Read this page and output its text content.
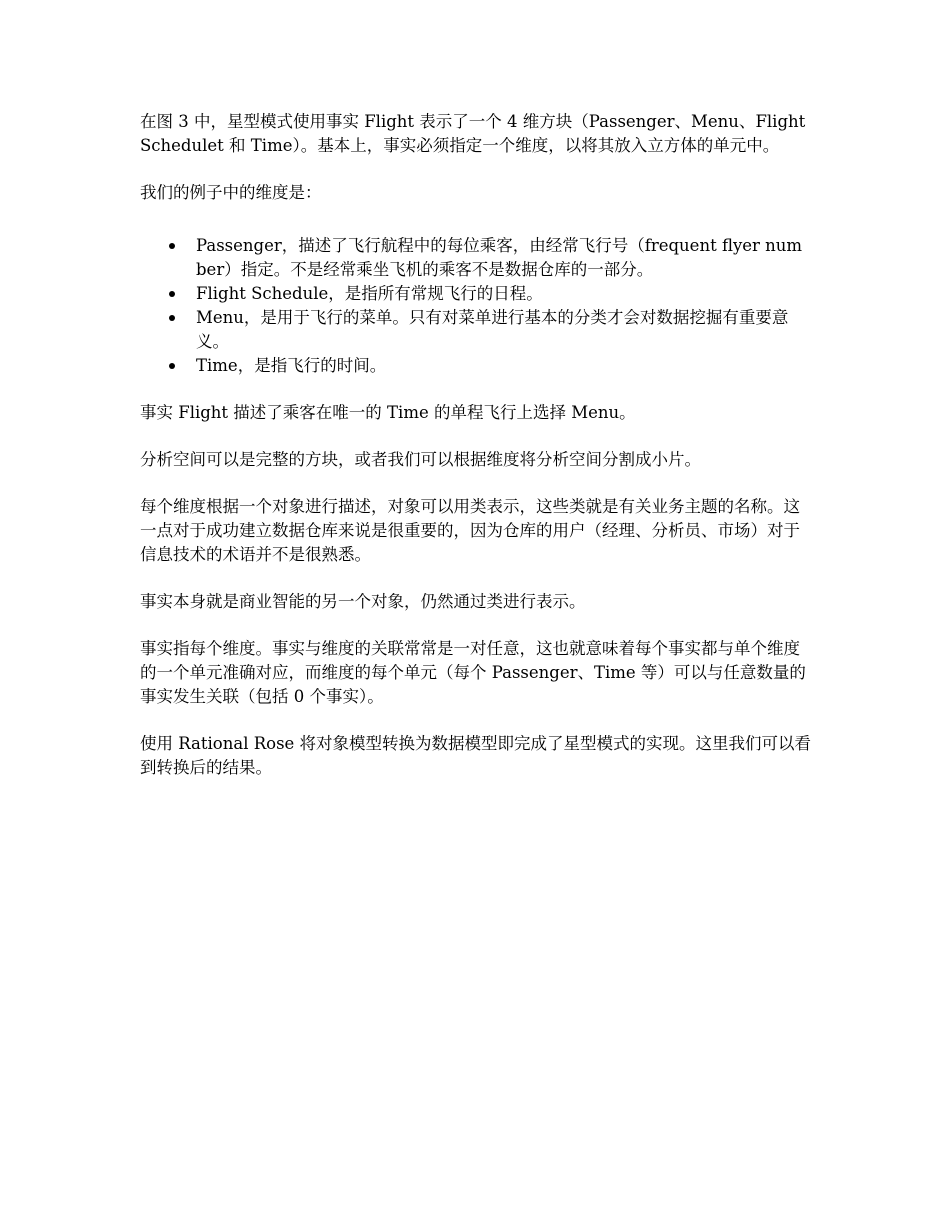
在图 3 中，星型模式使用事实 Flight 表示了一个 4 维方块（Passenger、Menu、Flight Schedulet 和 Time）。基本上，事实必须指定一个维度，以将其放入立方体的单元中。

我们的例子中的维度是：

Passenger，描述了飞行航程中的每位乘客，由经常飞行号（frequent flyer number）指定。不是经常乘坐飞机的乘客不是数据仓库的一部分。
Flight Schedule，是指所有常规飞行的日程。
Menu，是用于飞行的菜单。只有对菜单进行基本的分类才会对数据挖掘有重要意义。
Time，是指飞行的时间。

事实 Flight 描述了乘客在唯一的 Time 的单程飞行上选择 Menu。

分析空间可以是完整的方块，或者我们可以根据维度将分析空间分割成小片。

每个维度根据一个对象进行描述，对象可以用类表示，这些类就是有关业务主题的名称。这一点对于成功建立数据仓库来说是很重要的，因为仓库的用户（经理、分析员、市场）对于信息技术的术语并不是很熟悉。

事实本身就是商业智能的另一个对象，仍然通过类进行表示。

事实指每个维度。事实与维度的关联常常是一对任意，这也就意味着每个事实都与单个维度的一个单元准确对应，而维度的每个单元（每个 Passenger、Time 等）可以与任意数量的事实发生关联（包括 0 个事实）。

使用 Rational Rose 将对象模型转换为数据模型即完成了星型模式的实现。这里我们可以看到转换后的结果。
